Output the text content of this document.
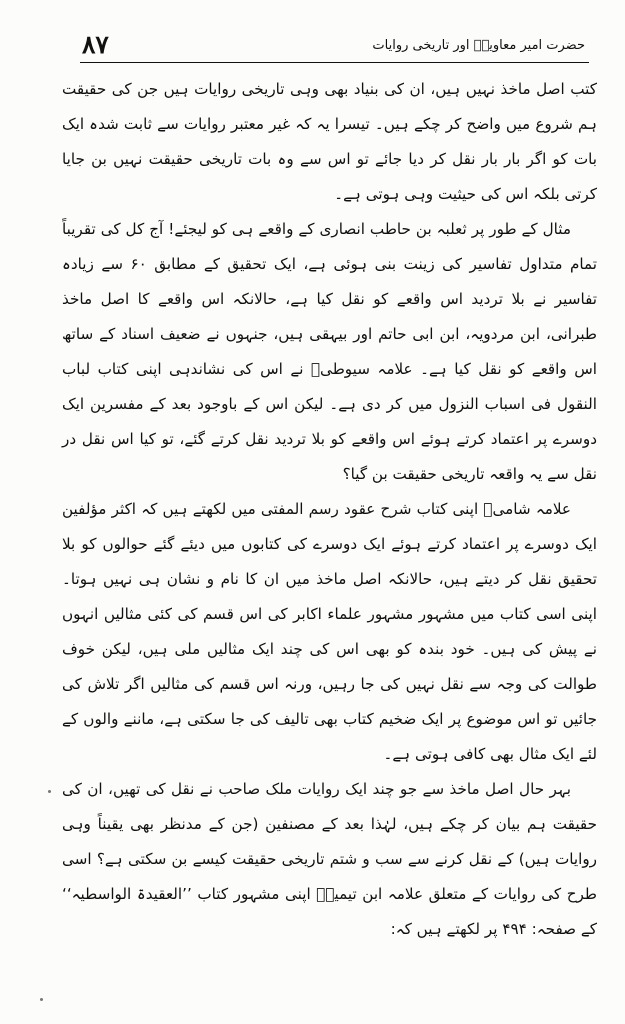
۸۷	حضرت امیر معاویہؓ اور تاریخی روایات

کتب اصل ماخذ نہیں ہیں، ان کی بنیاد بھی وہی تاریخی روایات ہیں جن کی حقیقت ہم شروع میں واضح کر چکے ہیں۔ تیسرا یہ کہ غیر معتبر روایات سے ثابت شدہ ایک بات کو اگر بار بار نقل کر دیا جائے تو اس سے وہ بات تاریخی حقیقت نہیں بن جایا کرتی بلکہ اس کی حیثیت وہی ہوتی ہے۔

مثال کے طور پر ثعلبہ بن حاطب انصاری کے واقعے ہی کو لیجئے! آج کل کی تقریباً تمام متداول تفاسیر کی زینت بنی ہوئی ہے، ایک تحقیق کے مطابق ۶۰ سے زیادہ تفاسیر نے بلا تردید اس واقعے کو نقل کیا ہے، حالانکہ اس واقعے کا اصل ماخذ طبرانی، ابن مردویہ، ابن ابی حاتم اور بیہقی ہیں، جنہوں نے ضعیف اسناد کے ساتھ اس واقعے کو نقل کیا ہے۔ علامہ سیوطیؒ نے اس کی نشاندہی اپنی کتاب لباب النقول فی اسباب النزول میں کر دی ہے۔ لیکن اس کے باوجود بعد کے مفسرین ایک دوسرے پر اعتماد کرتے ہوئے اس واقعے کو بلا تردید نقل کرتے گئے، تو کیا اس نقل در نقل سے یہ واقعہ تاریخی حقیقت بن گیا؟

علامہ شامیؒ اپنی کتاب شرح عقود رسم المفتی میں لکھتے ہیں کہ اکثر مؤلفین ایک دوسرے پر اعتماد کرتے ہوئے ایک دوسرے کی کتابوں میں دیئے گئے حوالوں کو بلا تحقیق نقل کر دیتے ہیں، حالانکہ اصل ماخذ میں ان کا نام و نشان ہی نہیں ہوتا۔ اپنی اسی کتاب میں مشہور مشہور علماء اکابر کی اس قسم کی کئی مثالیں انہوں نے پیش کی ہیں۔ خود بندہ کو بھی اس کی چند ایک مثالیں ملی ہیں، لیکن خوف طوالت کی وجہ سے نقل نہیں کی جا رہیں، ورنہ اس قسم کی مثالیں اگر تلاش کی جائیں تو اس موضوع پر ایک ضخیم کتاب بھی تالیف کی جا سکتی ہے، ماننے والوں کے لئے ایک مثال بھی کافی ہوتی ہے۔

بہر حال اصل ماخذ سے جو چند ایک روایات ملک صاحب نے نقل کی تھیں، ان کی حقیقت ہم بیان کر چکے ہیں، لہٰذا بعد کے مصنفین (جن کے مدنظر بھی یقیناً وہی روایات ہیں) کے نقل کرنے سے سب و شتم تاریخی حقیقت کیسے بن سکتی ہے؟ اسی طرح کی روایات کے متعلق علامہ ابن تیمیہؒ اپنی مشہور کتاب ’’العقیدۃ الواسطیہ‘‘ کے صفحہ: ۴۹۴ پر لکھتے ہیں کہ:
